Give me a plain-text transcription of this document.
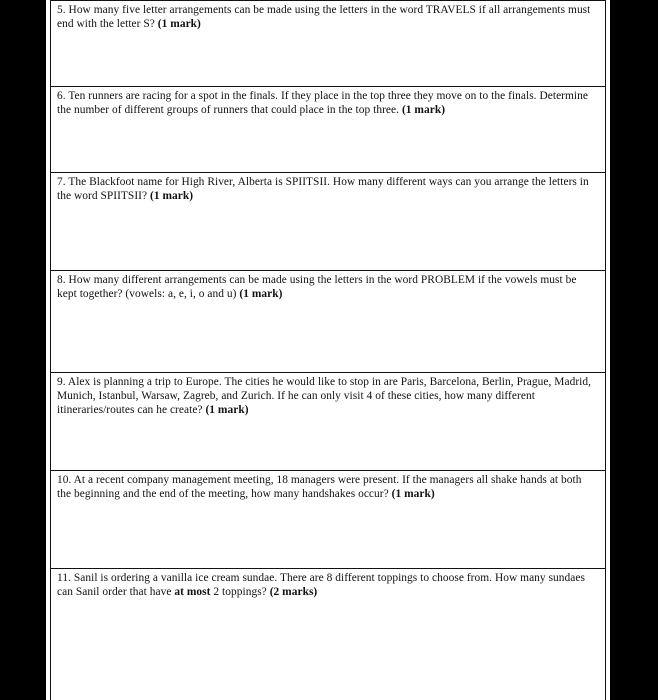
5. How many five letter arrangements can be made using the letters in the word TRAVELS if all arrangements must end with the letter S? (1 mark)
6. Ten runners are racing for a spot in the finals. If they place in the top three they move on to the finals. Determine the number of different groups of runners that could place in the top three. (1 mark)
7. The Blackfoot name for High River, Alberta is SPIITSII. How many different ways can you arrange the letters in the word SPIITSII? (1 mark)
8. How many different arrangements can be made using the letters in the word PROBLEM if the vowels must be kept together? (vowels: a, e, i, o and u) (1 mark)
9. Alex is planning a trip to Europe. The cities he would like to stop in are Paris, Barcelona, Berlin, Prague, Madrid, Munich, Istanbul, Warsaw, Zagreb, and Zurich. If he can only visit 4 of these cities, how many different itineraries/routes can he create? (1 mark)
10. At a recent company management meeting, 18 managers were present. If the managers all shake hands at both the beginning and the end of the meeting, how many handshakes occur? (1 mark)
11. Sanil is ordering a vanilla ice cream sundae. There are 8 different toppings to choose from. How many sundaes can Sanil order that have at most 2 toppings? (2 marks)
